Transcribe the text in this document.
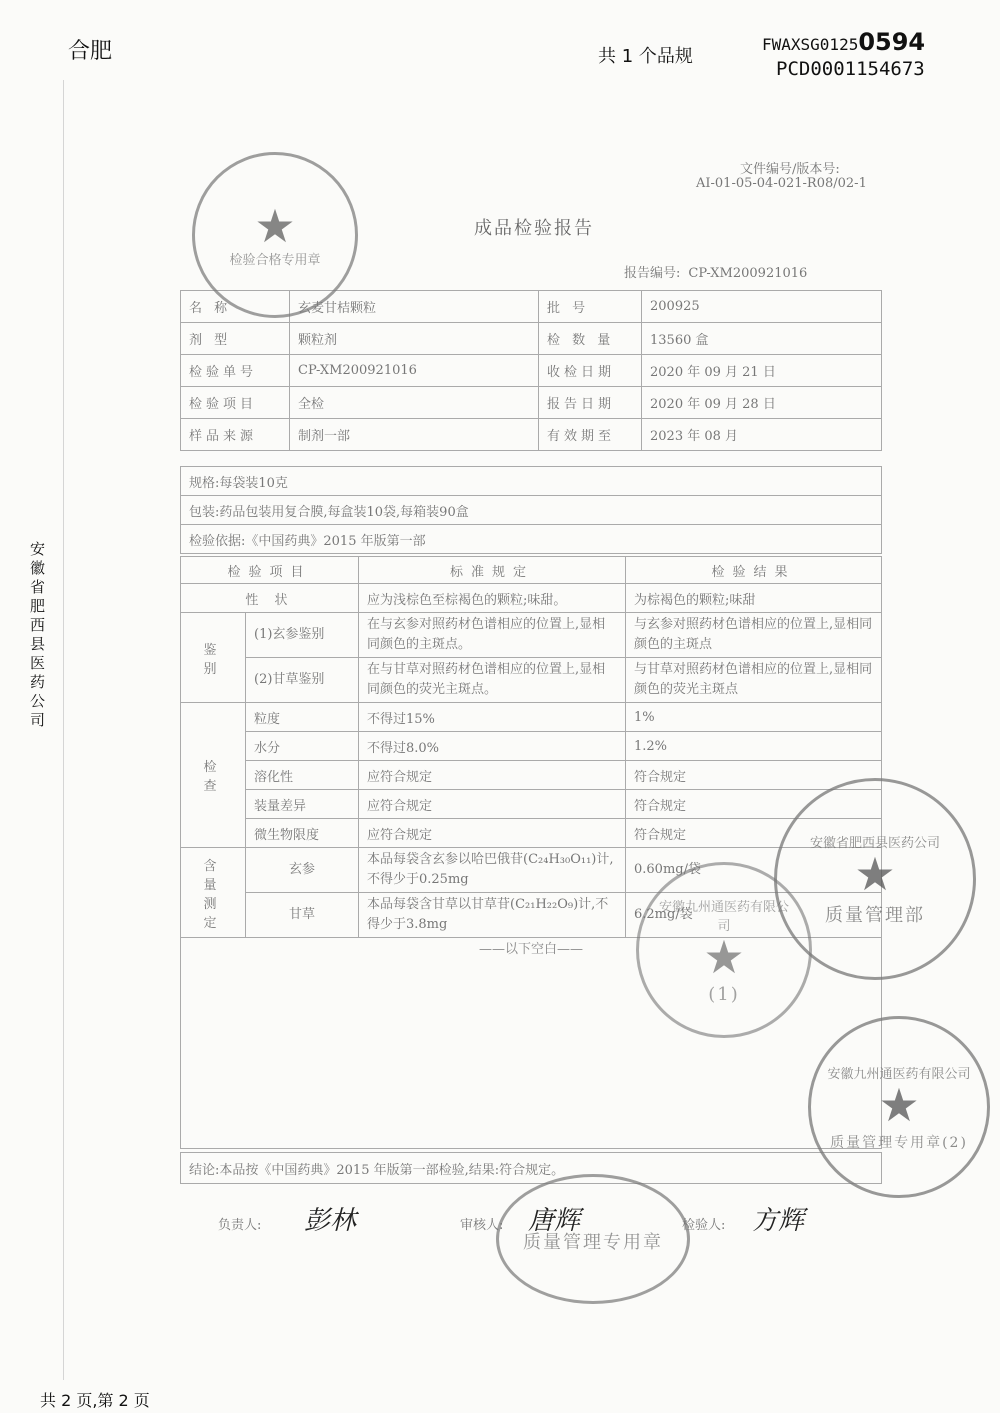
合肥	共 1 个品规
FWAXSG01250594
PCD0001154673
安徽省肥西县医药公司
文件编号/版本号:
AI-01-05-04-021-R08/02-1
成品检验报告
报告编号: CP-XM200921016
名 称	玄麦甘桔颗粒	批 号	200925
剂 型	颗粒剂	检 数 量	13560 盒
检验单号	CP-XM200921016	收检日期	2020 年 09 月 21 日
检验项目	全检	报告日期	2020 年 09 月 28 日
样品来源	制剂一部	有效期至	2023 年 08 月
规格:每袋装10克
包装:药品包装用复合膜,每盒装10袋,每箱装90盒
检验依据:《中国药典》2015 年版第一部
检验项目		标准规定	检验结果
性 状		应为浅棕色至棕褐色的颗粒;味甜。	为棕褐色的颗粒;味甜
鉴 别	(1)玄参鉴别	在与玄参对照药材色谱相应的位置上,显相同颜色的主斑点。	与玄参对照药材色谱相应的位置上,显相同颜色的主斑点
	(2)甘草鉴别	在与甘草对照药材色谱相应的位置上,显相同颜色的荧光主斑点。	与甘草对照药材色谱相应的位置上,显相同颜色的荧光主斑点
检 查	粒度	不得过15%	1%
	水分	不得过8.0%	1.2%
	溶化性	应符合规定	符合规定
	装量差异	应符合规定	符合规定
	微生物限度	应符合规定	符合规定
含 量 测 定	玄参	本品每袋含玄参以哈巴俄苷(C₂₄H₃₀O₁₁)计,不得少于0.25mg	0.60mg/袋
	甘草	本品每袋含甘草以甘草苷(C₂₁H₂₂O₉)计,不得少于3.8mg	6.2mg/袋
——以下空白——			
结论:本品按《中国药典》2015 年版第一部检验,结果:符合规定。
负责人: 彭林	审核人: 唐辉	检验人: 方辉
★
检验合格专用章
安徽省肥西县医药公司
★
质量管理部
安徽九州通医药有限公司
★
(1)
安徽九州通医药有限公司
★
质量管理专用章(2)
质量管理专用章
共 2 页,第 2 页
